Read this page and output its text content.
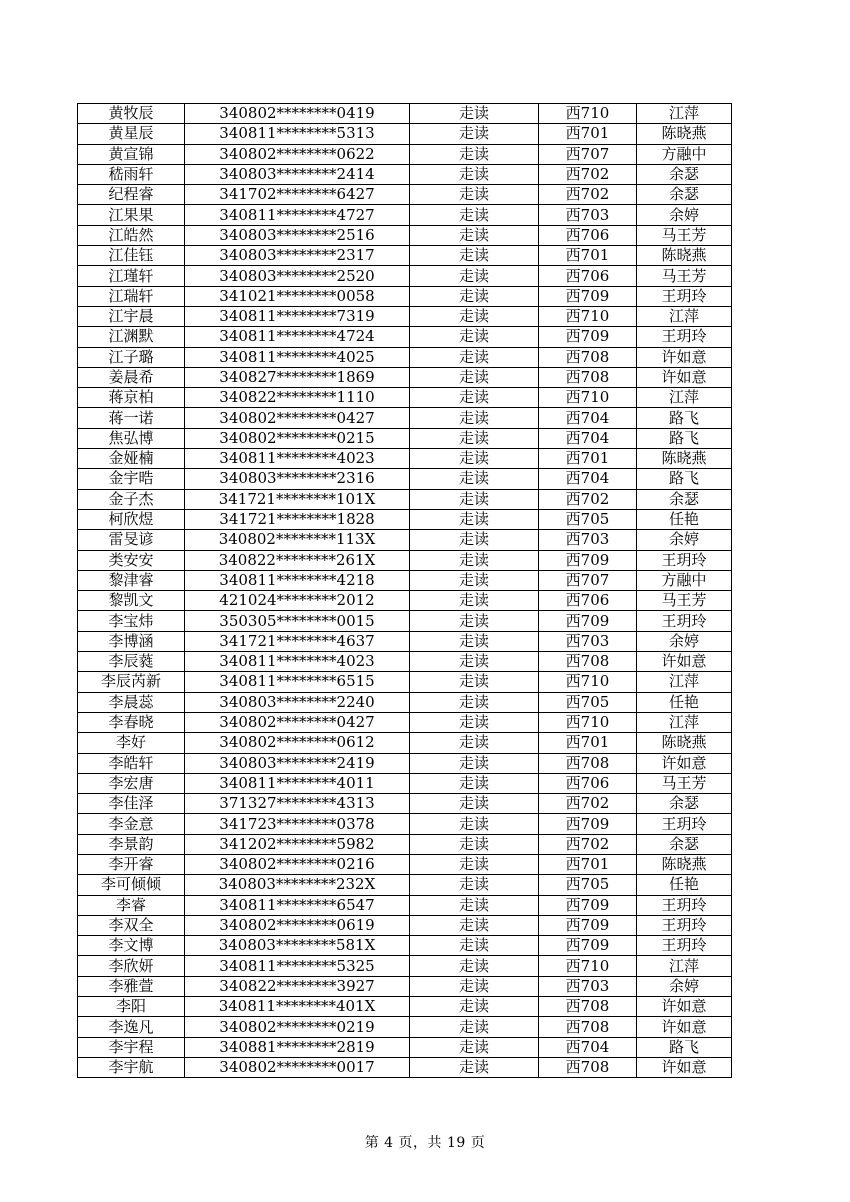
黄牧辰	340802********0419	走读	西710	江萍
黄星辰	340811********5313	走读	西701	陈晓燕
黄宣锦	340802********0622	走读	西707	方融中
嵇雨轩	340803********2414	走读	西702	余瑟
纪程睿	341702********6427	走读	西702	余瑟
江果果	340811********4727	走读	西703	余婷
江皓然	340803********2516	走读	西706	马王芳
江佳钰	340803********2317	走读	西701	陈晓燕
江瑾轩	340803********2520	走读	西706	马王芳
江瑞轩	341021********0058	走读	西709	王玥玲
江宇晨	340811********7319	走读	西710	江萍
江渊默	340811********4724	走读	西709	王玥玲
江子璐	340811********4025	走读	西708	许如意
姜晨希	340827********1869	走读	西708	许如意
蒋京柏	340822********1110	走读	西710	江萍
蒋一诺	340802********0427	走读	西704	路飞
焦弘博	340802********0215	走读	西704	路飞
金娅楠	340811********4023	走读	西701	陈晓燕
金宇晧	340803********2316	走读	西704	路飞
金子杰	341721********101X	走读	西702	余瑟
柯欣煜	341721********1828	走读	西705	任艳
雷旻谚	340802********113X	走读	西703	余婷
类安安	340822********261X	走读	西709	王玥玲
黎津睿	340811********4218	走读	西707	方融中
黎凯文	421024********2012	走读	西706	马王芳
李宝炜	350305********0015	走读	西709	王玥玲
李博涵	341721********4637	走读	西703	余婷
李辰蕤	340811********4023	走读	西708	许如意
李辰芮新	340811********6515	走读	西710	江萍
李晨蕊	340803********2240	走读	西705	任艳
李春晓	340802********0427	走读	西710	江萍
李好	340802********0612	走读	西701	陈晓燕
李皓轩	340803********2419	走读	西708	许如意
李宏唐	340811********4011	走读	西706	马王芳
李佳泽	371327********4313	走读	西702	余瑟
李金意	341723********0378	走读	西709	王玥玲
李景韵	341202********5982	走读	西702	余瑟
李开睿	340802********0216	走读	西701	陈晓燕
李可倾倾	340803********232X	走读	西705	任艳
李睿	340811********6547	走读	西709	王玥玲
李双全	340802********0619	走读	西709	王玥玲
李文博	340803********581X	走读	西709	王玥玲
李欣妍	340811********5325	走读	西710	江萍
李雅萱	340822********3927	走读	西703	余婷
李阳	340811********401X	走读	西708	许如意
李逸凡	340802********0219	走读	西708	许如意
李宇程	340881********2819	走读	西704	路飞
李宇航	340802********0017	走读	西708	许如意
第 4 页，共 19 页
